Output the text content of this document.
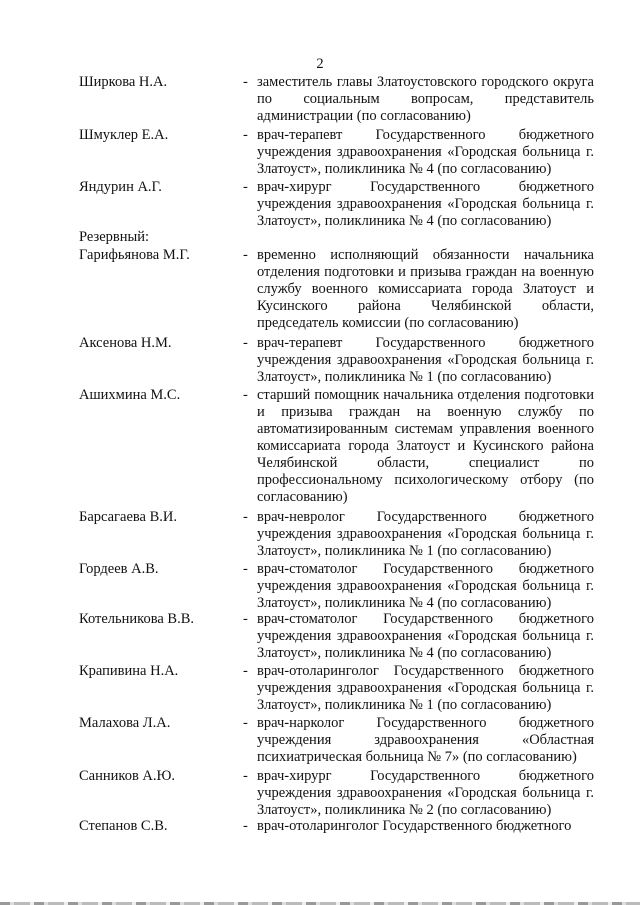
2
Ширкова Н.А.	- заместитель главы Златоустовского городского округа по социальным вопросам, представитель администрации (по согласованию)
Шмуклер Е.А.	- врач-терапевт Государственного бюджетного учреждения здравоохранения «Городская больница г. Златоуст», поликлиника № 4 (по согласованию)
Яндурин А.Г.	- врач-хирург Государственного бюджетного учреждения здравоохранения «Городская больница г. Златоуст», поликлиника № 4 (по согласованию)
Резервный:
Гарифьянова М.Г.	- временно исполняющий обязанности начальника отделения подготовки и призыва граждан на военную службу военного комиссариата города Златоуст и Кусинского района Челябинской области, председатель комиссии (по согласованию)
Аксенова Н.М.	- врач-терапевт Государственного бюджетного учреждения здравоохранения «Городская больница г. Златоуст», поликлиника № 1 (по согласованию)
Ашихмина М.С.	- старший помощник начальника отделения подготовки и призыва граждан на военную службу по автоматизированным системам управления военного комиссариата города Златоуст и Кусинского района Челябинской области, специалист по профессиональному психологическому отбору (по согласованию)
Барсагаева В.И.	- врач-невролог Государственного бюджетного учреждения здравоохранения «Городская больница г. Златоуст», поликлиника № 1 (по согласованию)
Гордеев А.В.	- врач-стоматолог Государственного бюджетного учреждения здравоохранения «Городская больница г. Златоуст», поликлиника № 4 (по согласованию)
Котельникова В.В.	- врач-стоматолог Государственного бюджетного учреждения здравоохранения «Городская больница г. Златоуст», поликлиника № 4 (по согласованию)
Крапивина Н.А.	- врач-отоларинголог Государственного бюджетного учреждения здравоохранения «Городская больница г. Златоуст», поликлиника № 1 (по согласованию)
Малахова Л.А.	- врач-нарколог Государственного бюджетного учреждения здравоохранения «Областная психиатрическая больница № 7» (по согласованию)
Санников А.Ю.	- врач-хирург Государственного бюджетного учреждения здравоохранения «Городская больница г. Златоуст», поликлиника № 2 (по согласованию)
Степанов С.В.	- врач-отоларинголог Государственного бюджетного
